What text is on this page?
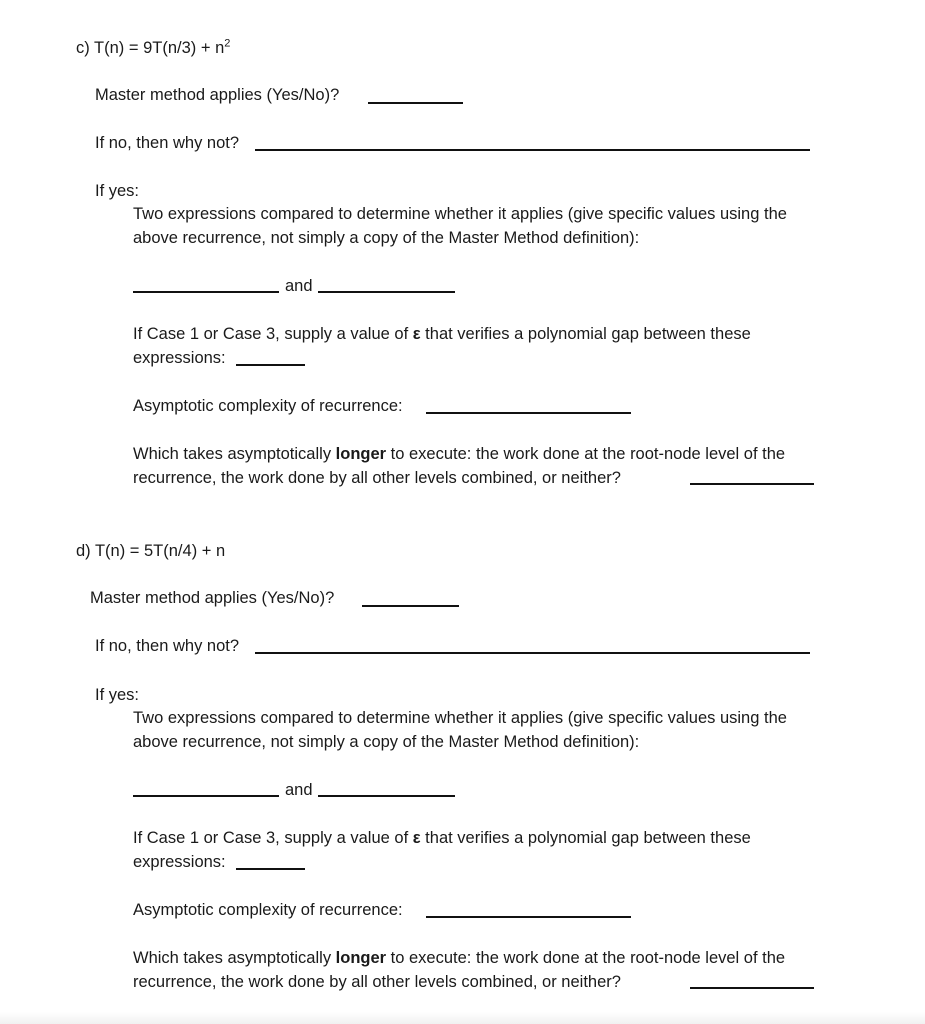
c) $T(n) = 9T(n/3) + n^2$
Master method applies (Yes/No)?
If no, then why not?
If yes:
Two expressions compared to determine whether it applies (give specific values using the above recurrence, not simply a copy of the Master Method definition):
and
If Case 1 or Case 3, supply a value of ε that verifies a polynomial gap between these expressions:
Asymptotic complexity of recurrence:
Which takes asymptotically longer to execute: the work done at the root-node level of the recurrence, the work done by all other levels combined, or neither?
d) T(n) = 5T(n/4) + n
Master method applies (Yes/No)?
If no, then why not?
If yes:
Two expressions compared to determine whether it applies (give specific values using the above recurrence, not simply a copy of the Master Method definition):
and
If Case 1 or Case 3, supply a value of ε that verifies a polynomial gap between these expressions:
Asymptotic complexity of recurrence:
Which takes asymptotically longer to execute: the work done at the root-node level of the recurrence, the work done by all other levels combined, or neither?
